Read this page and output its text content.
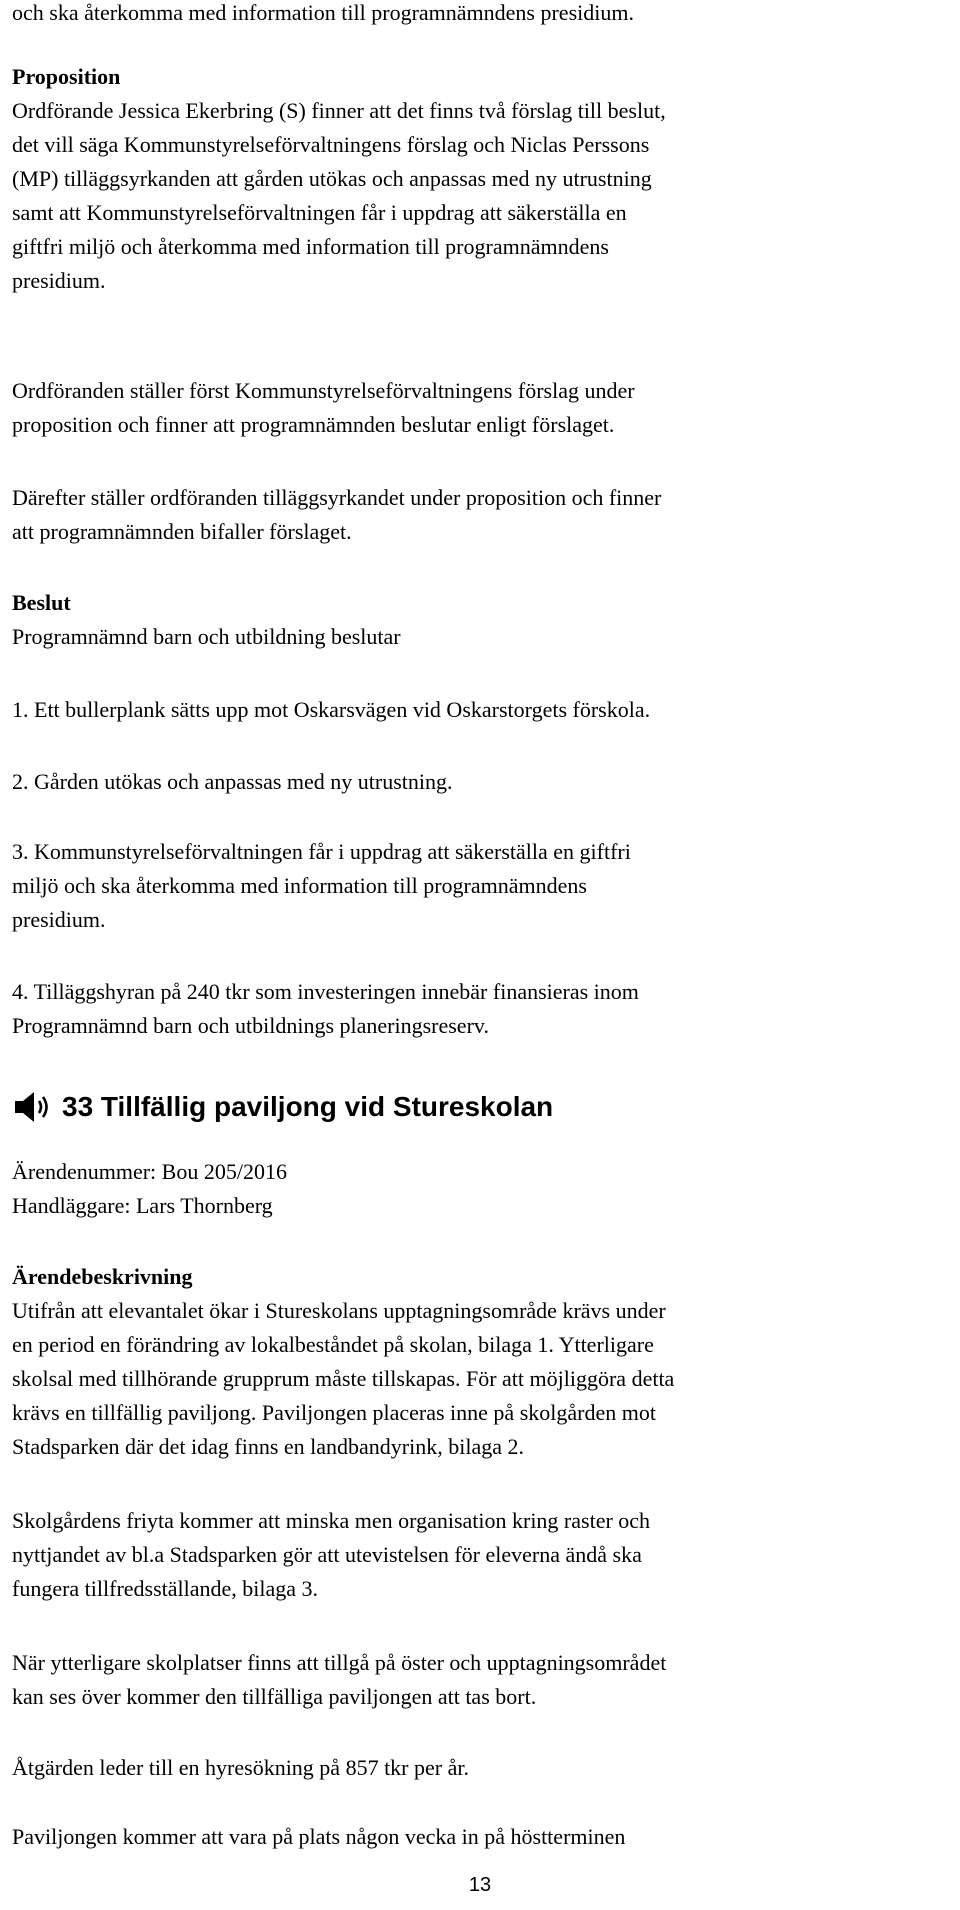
och ska återkomma med information till programnämndens presidium.

Proposition
Ordförande Jessica Ekerbring (S) finner att det finns två förslag till beslut,
det vill säga Kommunstyrelseförvaltningens förslag och Niclas Perssons
(MP) tilläggsyrkanden att gården utökas och anpassas med ny utrustning
samt att Kommunstyrelseförvaltningen får i uppdrag att säkerställa en
giftfri miljö och återkomma med information till programnämndens
presidium.
Ordföranden ställer först Kommunstyrelseförvaltningens förslag under
proposition och finner att programnämnden beslutar enligt förslaget.
Därefter ställer ordföranden tilläggsyrkandet under proposition och finner
att programnämnden bifaller förslaget.
Beslut
Programnämnd barn och utbildning beslutar
1. Ett bullerplank sätts upp mot Oskarsvägen vid Oskarstorgets förskola.
2. Gården utökas och anpassas med ny utrustning.
3. Kommunstyrelseförvaltningen får i uppdrag att säkerställa en giftfri
miljö och ska återkomma med information till programnämndens
presidium.
4. Tilläggshyran på 240 tkr som investeringen innebär finansieras inom
Programnämnd barn och utbildnings planeringsreserv.
33 Tillfällig paviljong vid Stureskolan
Ärendenummer: Bou 205/2016
Handläggare: Lars Thornberg
Ärendebeskrivning
Utifrån att elevantalet ökar i Stureskolans upptagningsområde krävs under
en period en förändring av lokalbeståndet på skolan, bilaga 1. Ytterligare
skolsal med tillhörande grupprum måste tillskapas. För att möjliggöra detta
krävs en tillfällig paviljong. Paviljongen placeras inne på skolgården mot
Stadsparken där det idag finns en landbandyrink, bilaga 2.
Skolgårdens friyta kommer att minska men organisation kring raster och
nyttjandet av bl.a Stadsparken gör att utevistelsen för eleverna ändå ska
fungera tillfredsställande, bilaga 3.
När ytterligare skolplatser finns att tillgå på öster och upptagningsområdet
kan ses över kommer den tillfälliga paviljongen att tas bort.
Åtgärden leder till en hyresökning på 857 tkr per år.
Paviljongen kommer att vara på plats någon vecka in på höstterminen
13
